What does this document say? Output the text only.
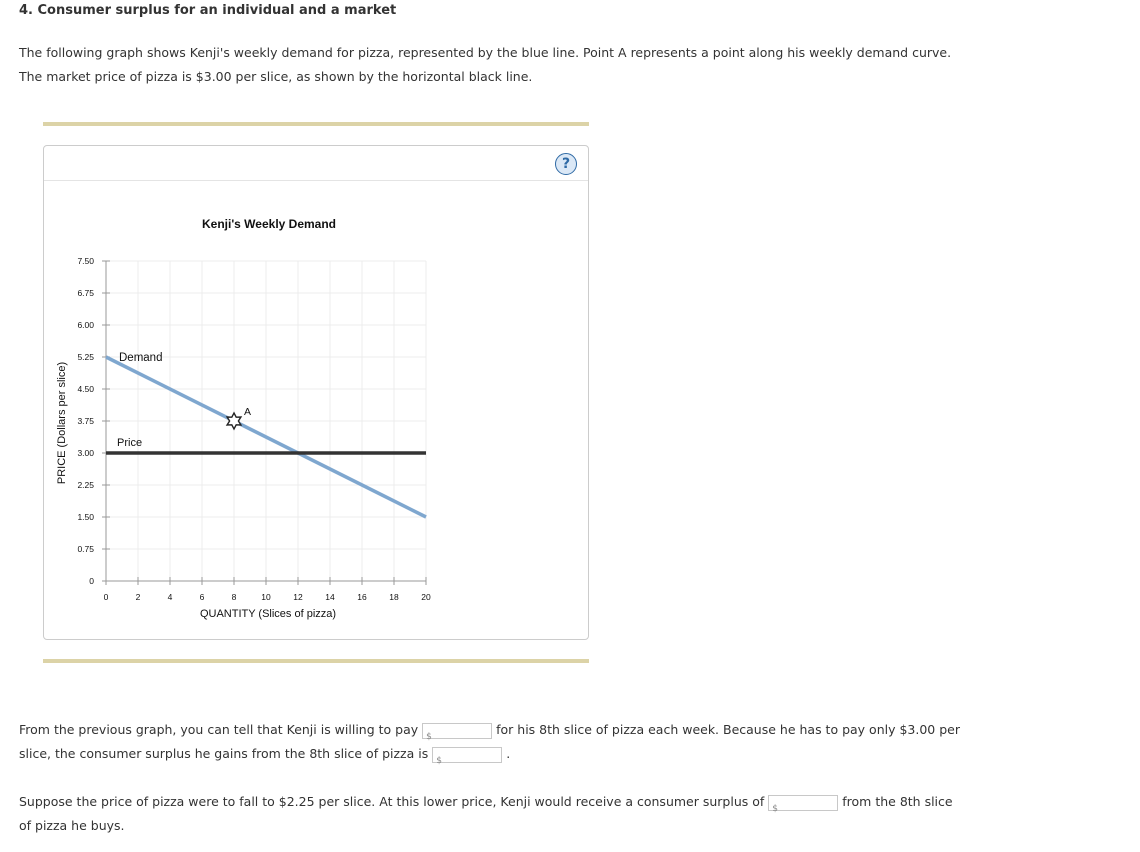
4. Consumer surplus for an individual and a market

The following graph shows Kenji's weekly demand for pizza, represented by the blue line. Point A represents a point along his weekly demand curve.

The market price of pizza is $3.00 per slice, as shown by the horizontal black line.

?
0
0.75
1.50
2.25
3.00
3.75
4.50
5.25
6.00
6.75
7.50
0	2	4	6	8	10	12	14	16	18	20
Kenji's Weekly Demand
QUANTITY (Slices of pizza)
PRICE (Dollars per slice)
Demand
Price
A

From the previous graph, you can tell that Kenji is willing to pay $	for his 8th slice of pizza each week. Because he has to pay only $3.00 per

slice, the consumer surplus he gains from the 8th slice of pizza is $	.

Suppose the price of pizza were to fall to $2.25 per slice. At this lower price, Kenji would receive a consumer surplus of $	from the 8th slice

of pizza he buys.
